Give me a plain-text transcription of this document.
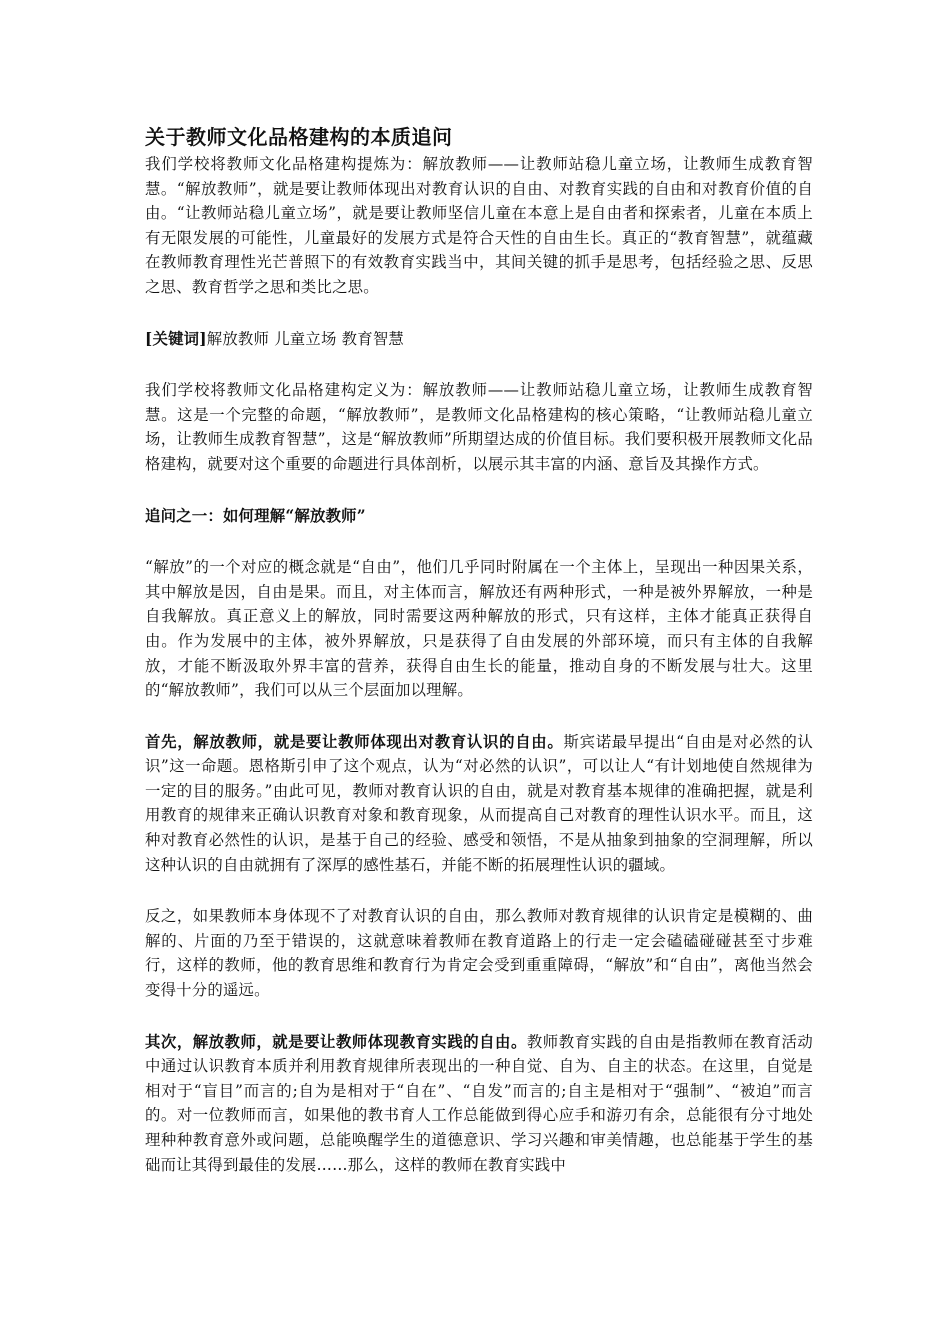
关于教师文化品格建构的本质追问

我们学校将教师文化品格建构提炼为：解放教师——让教师站稳儿童立场，让教师生成教育智慧。“解放教师”，就是要让教师体现出对教育认识的自由、对教育实践的自由和对教育价值的自由。“让教师站稳儿童立场”，就是要让教师坚信儿童在本意上是自由者和探索者，儿童在本质上有无限发展的可能性，儿童最好的发展方式是符合天性的自由生长。真正的“教育智慧”，就蕴藏在教师教育理性光芒普照下的有效教育实践当中，其间关键的抓手是思考，包括经验之思、反思之思、教育哲学之思和类比之思。

[关键词]解放教师 儿童立场 教育智慧

我们学校将教师文化品格建构定义为：解放教师——让教师站稳儿童立场，让教师生成教育智慧。这是一个完整的命题，“解放教师”，是教师文化品格建构的核心策略，“让教师站稳儿童立场，让教师生成教育智慧”，这是“解放教师”所期望达成的价值目标。我们要积极开展教师文化品格建构，就要对这个重要的命题进行具体剖析，以展示其丰富的内涵、意旨及其操作方式。

追问之一：如何理解“解放教师”

“解放”的一个对应的概念就是“自由”，他们几乎同时附属在一个主体上，呈现出一种因果关系，其中解放是因，自由是果。而且，对主体而言，解放还有两种形式，一种是被外界解放，一种是自我解放。真正意义上的解放，同时需要这两种解放的形式，只有这样，主体才能真正获得自由。作为发展中的主体，被外界解放，只是获得了自由发展的外部环境，而只有主体的自我解放，才能不断汲取外界丰富的营养，获得自由生长的能量，推动自身的不断发展与壮大。这里的“解放教师”，我们可以从三个层面加以理解。

首先，解放教师，就是要让教师体现出对教育认识的自由。斯宾诺最早提出“自由是对必然的认识”这一命题。恩格斯引申了这个观点，认为“对必然的认识”，可以让人“有计划地使自然规律为一定的目的服务。”由此可见，教师对教育认识的自由，就是对教育基本规律的准确把握，就是利用教育的规律来正确认识教育对象和教育现象，从而提高自己对教育的理性认识水平。而且，这种对教育必然性的认识，是基于自己的经验、感受和领悟，不是从抽象到抽象的空洞理解，所以这种认识的自由就拥有了深厚的感性基石，并能不断的拓展理性认识的疆域。

反之，如果教师本身体现不了对教育认识的自由，那么教师对教育规律的认识肯定是模糊的、曲解的、片面的乃至于错误的，这就意味着教师在教育道路上的行走一定会磕磕碰碰甚至寸步难行，这样的教师，他的教育思维和教育行为肯定会受到重重障碍，“解放”和“自由”，离他当然会变得十分的遥远。

其次，解放教师，就是要让教师体现教育实践的自由。教师教育实践的自由是指教师在教育活动中通过认识教育本质并利用教育规律所表现出的一种自觉、自为、自主的状态。在这里，自觉是相对于“盲目”而言的;自为是相对于“自在”、“自发”而言的;自主是相对于“强制”、“被迫”而言的。对一位教师而言，如果他的教书育人工作总能做到得心应手和游刃有余，总能很有分寸地处理种种教育意外或问题，总能唤醒学生的道德意识、学习兴趣和审美情趣，也总能基于学生的基础而让其得到最佳的发展……那么，这样的教师在教育实践中
